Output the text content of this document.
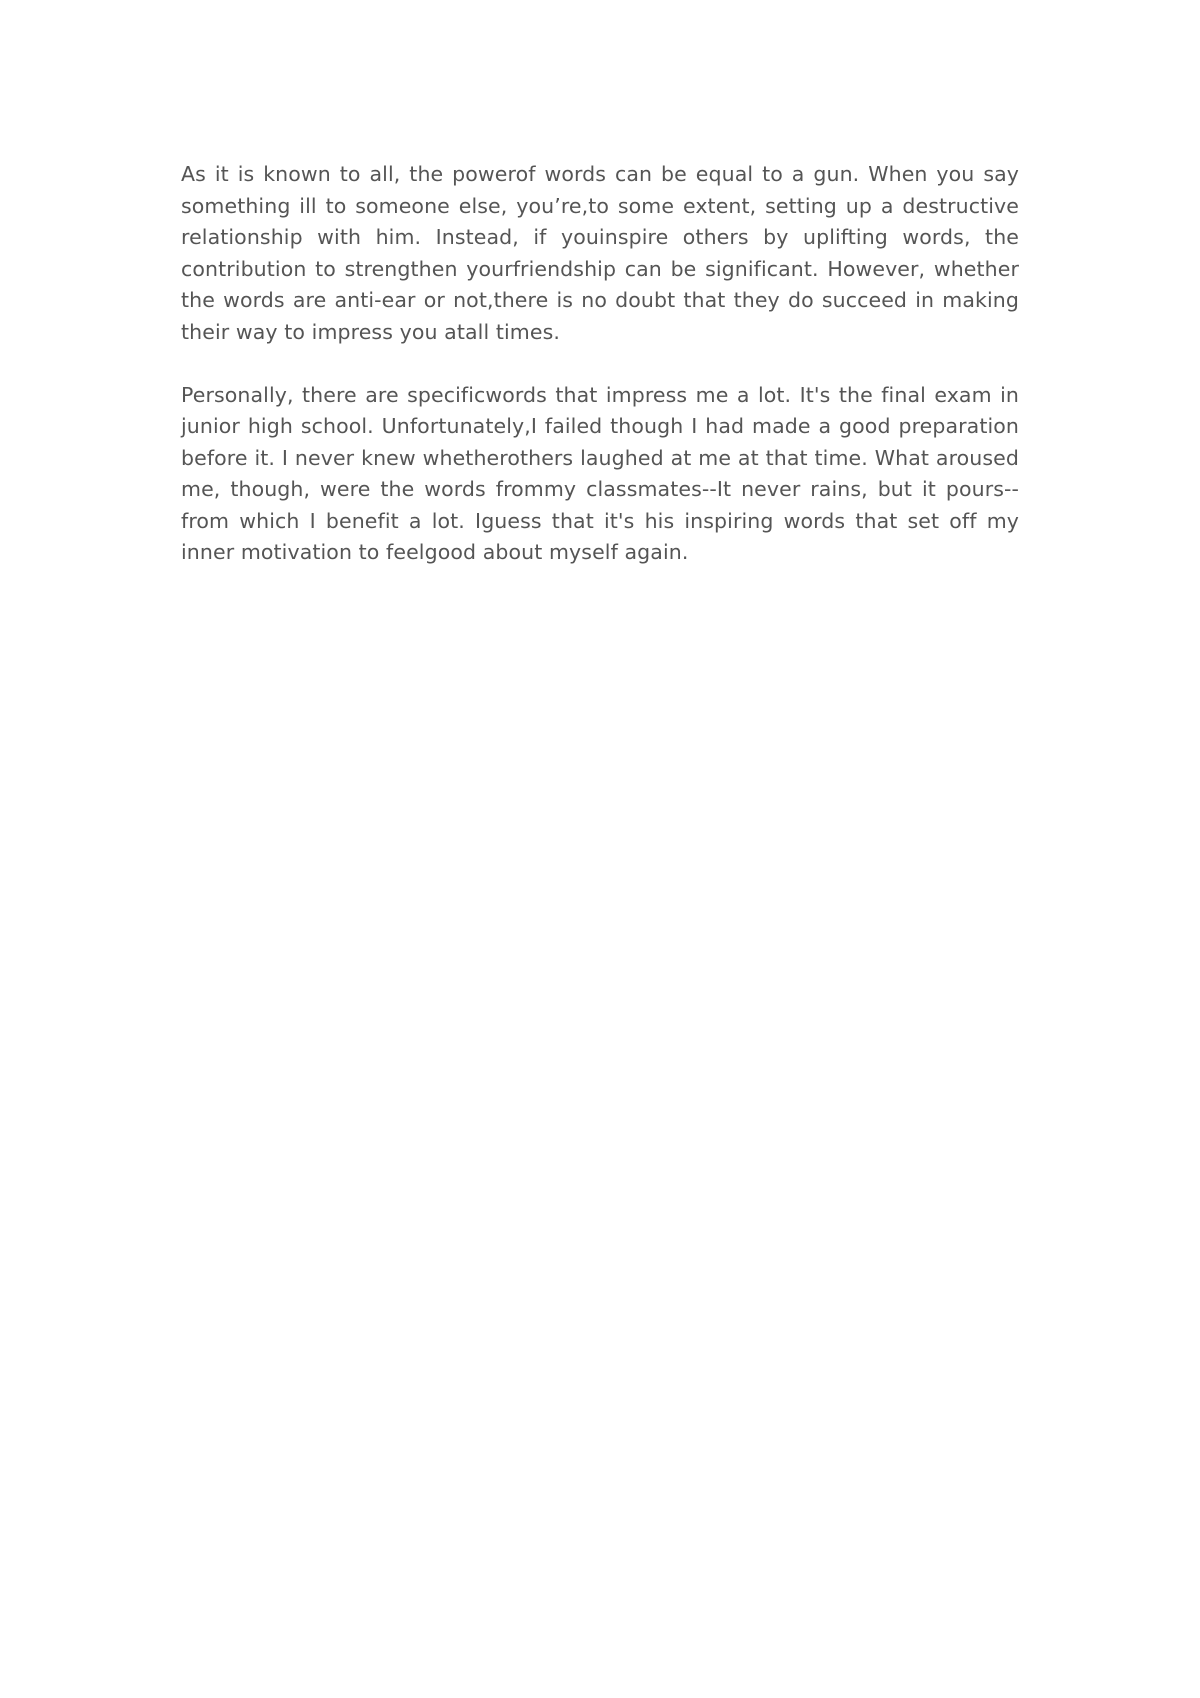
As it is known to all, the powerof words can be equal to a gun. When you say something ill to someone else, you’re,to some extent, setting up a destructive relationship with him. Instead, if youinspire others by uplifting words, the contribution to strengthen yourfriendship can be significant. However, whether the words are anti-ear or not,there is no doubt that they do succeed in making their way to impress you atall times.

Personally, there are specificwords that impress me a lot. It's the final exam in junior high school. Unfortunately,I failed though I had made a good preparation before it. I never knew whetherothers laughed at me at that time. What aroused me, though, were the words frommy classmates--It never rains, but it pours--from which I benefit a lot. Iguess that it's his inspiring words that set off my inner motivation to feelgood about myself again.
